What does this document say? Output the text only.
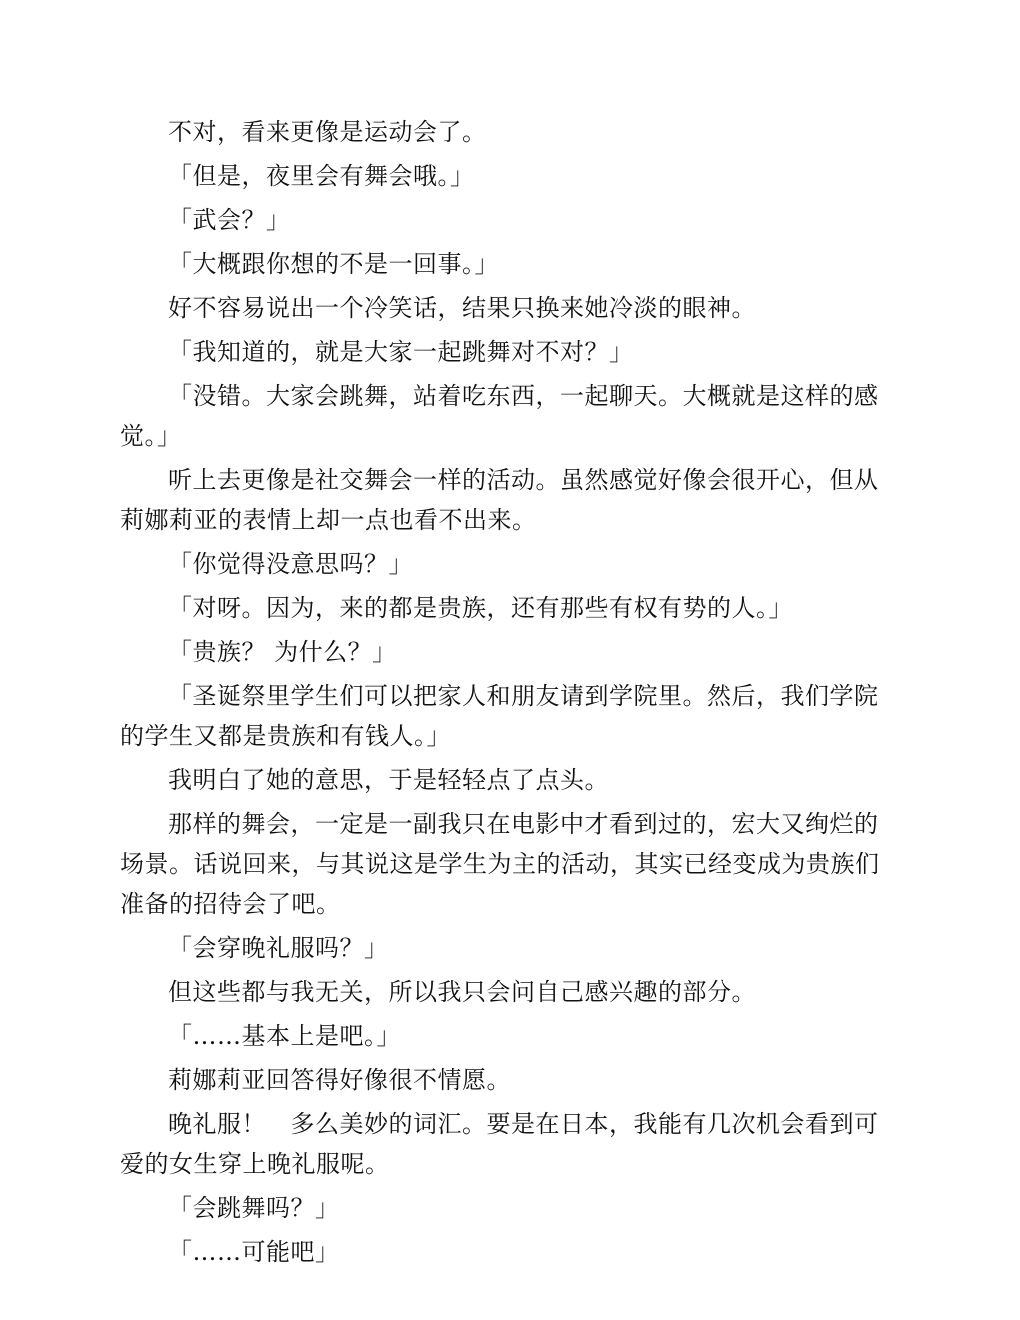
不对，看来更像是运动会了。

「但是，夜里会有舞会哦。」

「武会？」

「大概跟你想的不是一回事。」

好不容易说出一个冷笑话，结果只换来她冷淡的眼神。

「我知道的，就是大家一起跳舞对不对？」

「没错。大家会跳舞，站着吃东西，一起聊天。大概就是这样的感觉。」

听上去更像是社交舞会一样的活动。虽然感觉好像会很开心，但从莉娜莉亚的表情上却一点也看不出来。

「你觉得没意思吗？」

「对呀。因为，来的都是贵族，还有那些有权有势的人。」

「贵族？ 为什么？」

「圣诞祭里学生们可以把家人和朋友请到学院里。然后，我们学院的学生又都是贵族和有钱人。」

我明白了她的意思，于是轻轻点了点头。

那样的舞会，一定是一副我只在电影中才看到过的，宏大又绚烂的场景。话说回来，与其说这是学生为主的活动，其实已经变成为贵族们准备的招待会了吧。

「会穿晚礼服吗？」

但这些都与我无关，所以我只会问自己感兴趣的部分。

「……基本上是吧。」

莉娜莉亚回答得好像很不情愿。

晚礼服！　多么美妙的词汇。要是在日本，我能有几次机会看到可爱的女生穿上晚礼服呢。

「会跳舞吗？」

「……可能吧」
